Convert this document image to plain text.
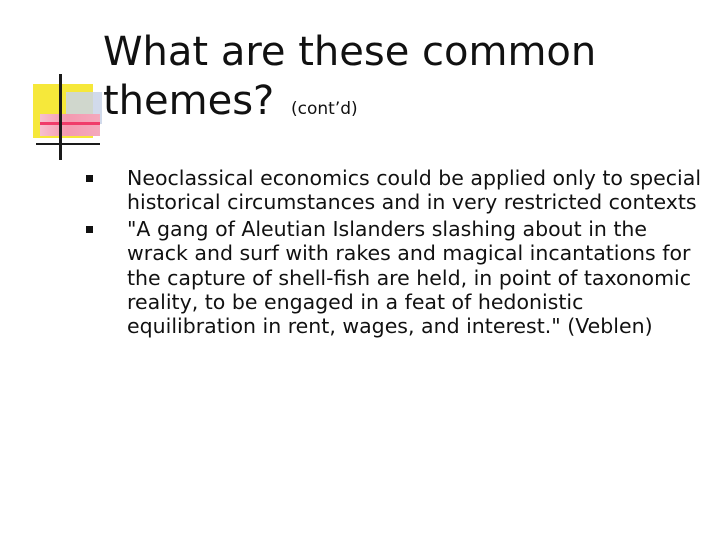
What are these common themes? (cont’d)
Neoclassical economics could be applied only to special historical circumstances and in very restricted contexts
"A gang of Aleutian Islanders slashing about in the wrack and surf with rakes and magical incantations for the capture of shell-fish are held, in point of taxonomic reality, to be engaged in a feat of hedonistic equilibration in rent, wages, and interest." (Veblen)
